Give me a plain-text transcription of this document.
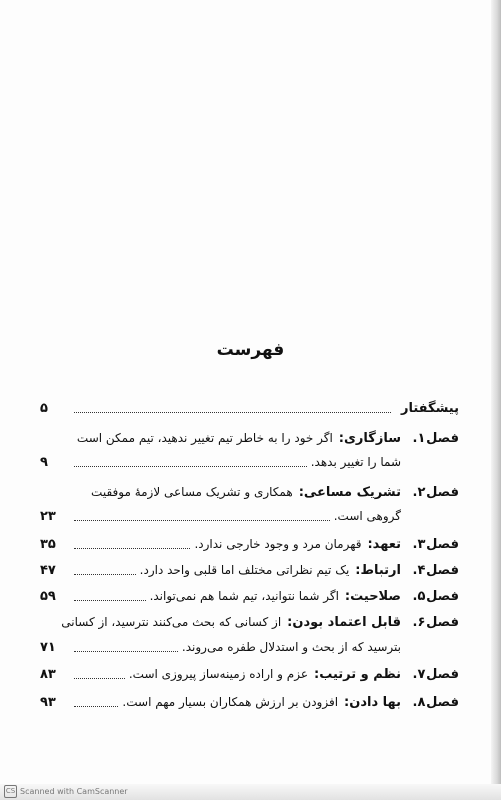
فهرست
پیشگفتار
۵
فصل
۱.
سازگاری:
اگر خود را به خاطر تیم تغییر ندهید، تیم ممکن است
شما را تغییر بدهد.
۹
فصل
۲.
تشریک مساعی:
همکاری و تشریک مساعی لازمهٔ موفقیت
گروهی است.
۲۳
فصل
۳.
تعهد:
قهرمان مرد و وجود خارجی ندارد.
۳۵
فصل
۴.
ارتباط:
یک تیم نظراتی مختلف اما قلبی واحد دارد.
۴۷
فصل
۵.
صلاحیت:
اگر شما نتوانید، تیم شما هم نمی‌تواند.
۵۹
فصل
۶.
قابل اعتماد بودن:
از کسانی که بحث می‌کنند نترسید، از کسانی
بترسید که از بحث و استدلال طفره می‌روند.
۷۱
فصل
۷.
نظم و ترتیب:
عزم و اراده زمینه‌ساز پیروزی است.
۸۳
فصل
۸.
بها دادن:
افزودن بر ارزش همکاران بسیار مهم است.
۹۳
CS Scanned with CamScanner
